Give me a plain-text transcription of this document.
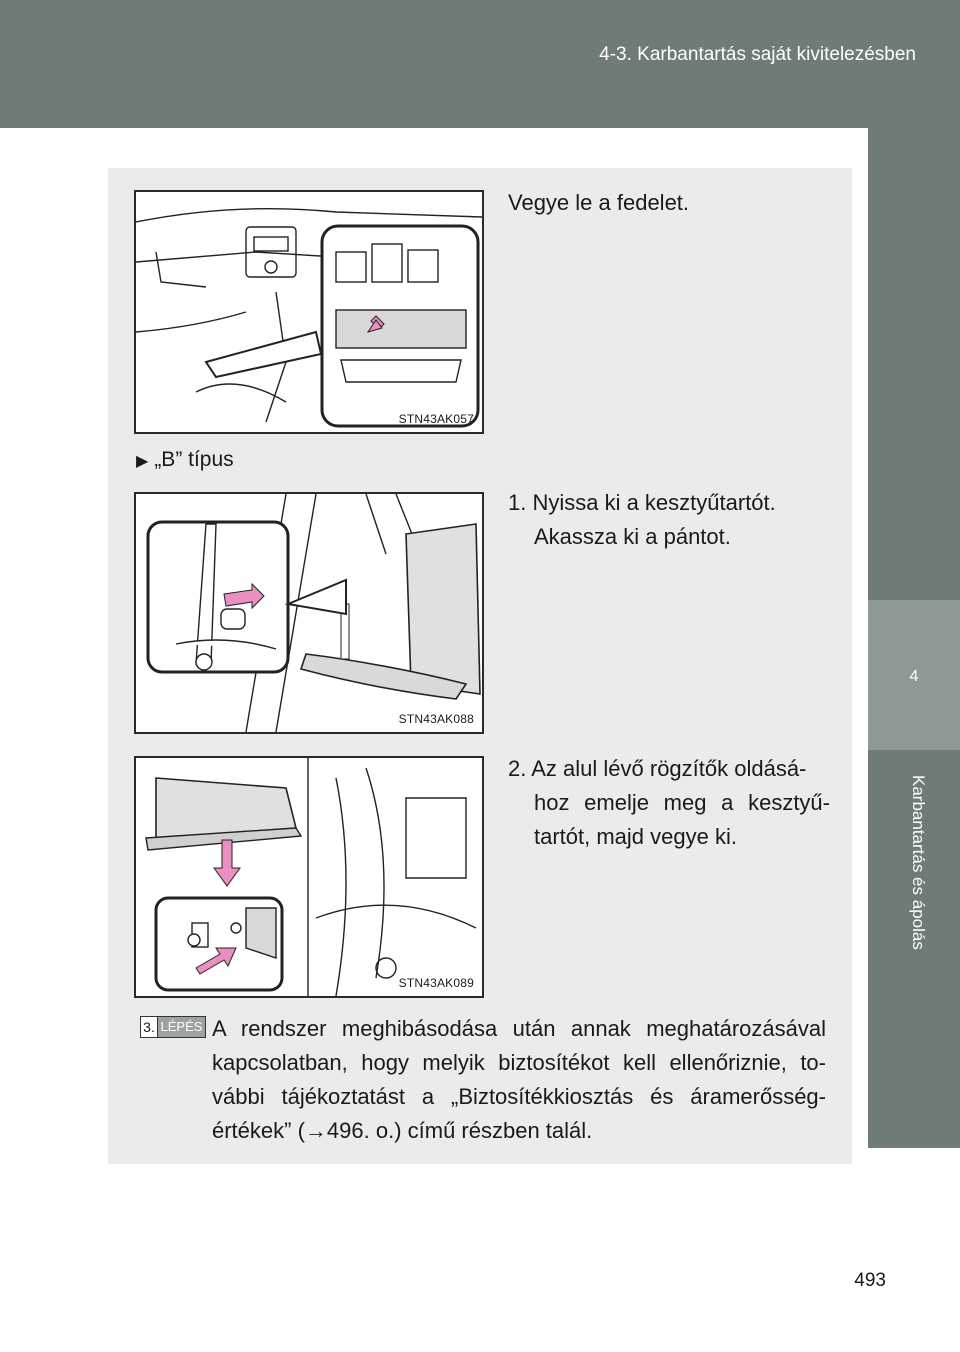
4-3. Karbantartás saját kivitelezésben
4
Karbantartás és ápolás
STN43AK057
Vegye le a fedelet.
▶ „B” típus
STN43AK088
1. Nyissa ki a kesztyűtartót.
Akassza ki a pántot.
STN43AK089
2. Az alul lévő rögzítők oldásá-
hoz emelje meg a kesztyű-
tartót, majd vegye ki.
3. LÉPÉS A rendszer meghibásodása után annak meghatározásával kapcsolatban, hogy melyik biztosítékot kell ellenőriznie, további tájékoztatást a „Biztosítékkiosztás és áramerősségértékek” (→496. o.) című részben talál.
493
